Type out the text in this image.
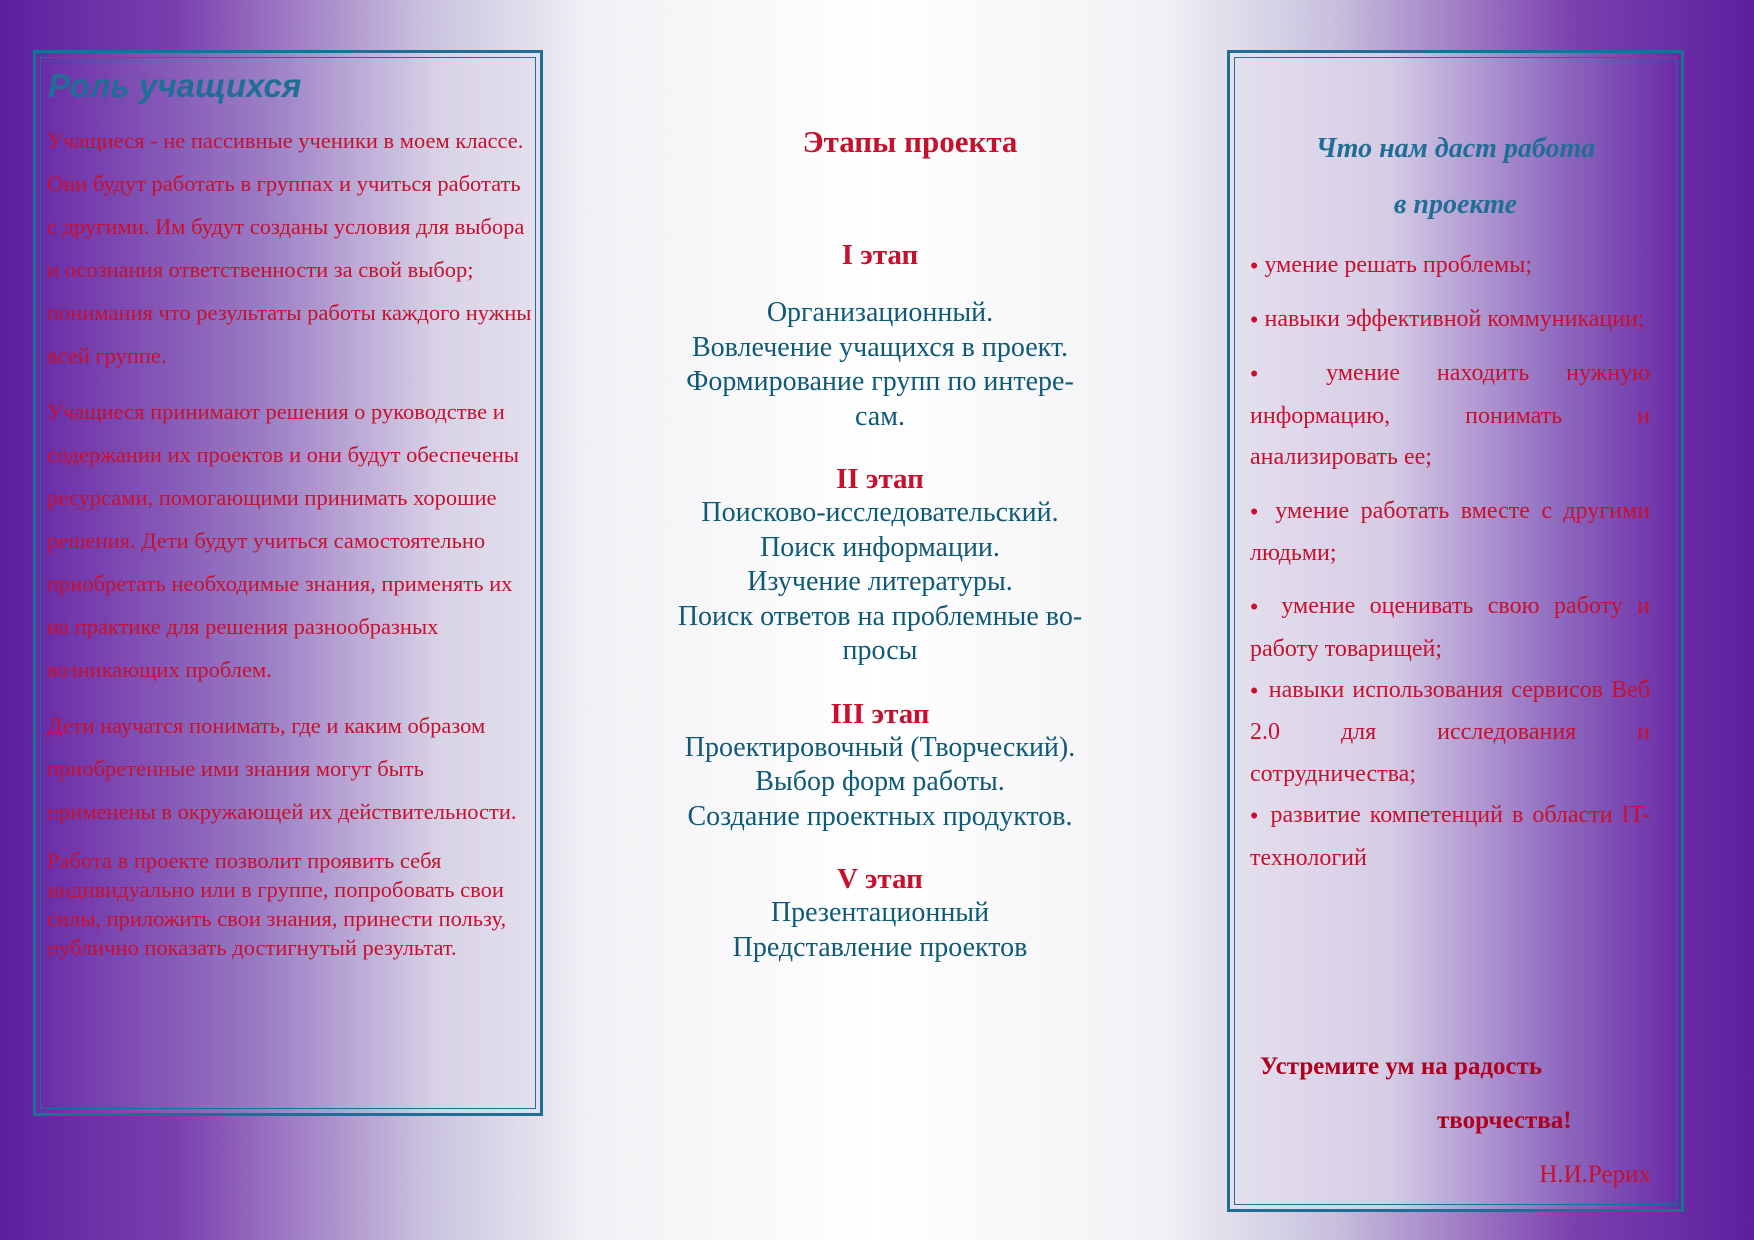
Роль учащихся

Учащиеся - не пассивные ученики в моем классе. Они будут работать в группах и учиться работать с другими. Им будут созданы условия для выбора и осознания ответственности за свой выбор; понимания что результаты работы каждого нужны всей группе.

Учащиеся принимают решения о руководстве и содержании их проектов и они будут обеспечены ресурсами, помогающими принимать хорошие решения. Дети будут учиться самостоятельно приобретать необходимые знания, применять их на практике для решения разнообразных возникающих проблем.

Дети научатся понимать, где и каким образом приобретенные ими знания могут быть применены в окружающей их действительности.

Работа в проекте позволит проявить себя индивидуально или в группе, попробовать свои силы, приложить свои знания, принести пользу, публично показать достигнутый результат.

Этапы проекта
I этап
Организационный.
Вовлечение учащихся в проект.
Формирование групп по интере-
сам.
II этап
Поисково-исследовательский.
Поиск информации.
Изучение литературы.
Поиск ответов на проблемные во-
просы
III этап
Проектировочный (Творческий).
Выбор форм работы.
Создание проектных продуктов.
V этап
Презентационный
Представление проектов
Что нам даст работа
в проекте
● умение решать проблемы;
● навыки эффективной коммуникации;
● умение находить нужную информацию, понимать и анализировать ее;
● умение работать вместе с другими людьми;
● умение оценивать свою работу и работу товарищей;
● навыки использования сервисов Веб 2.0 для исследования и сотрудничества;
● развитие компетенций в области IT-технологий
Устремите ум на радость
творчества!
Н.И.Рерих
